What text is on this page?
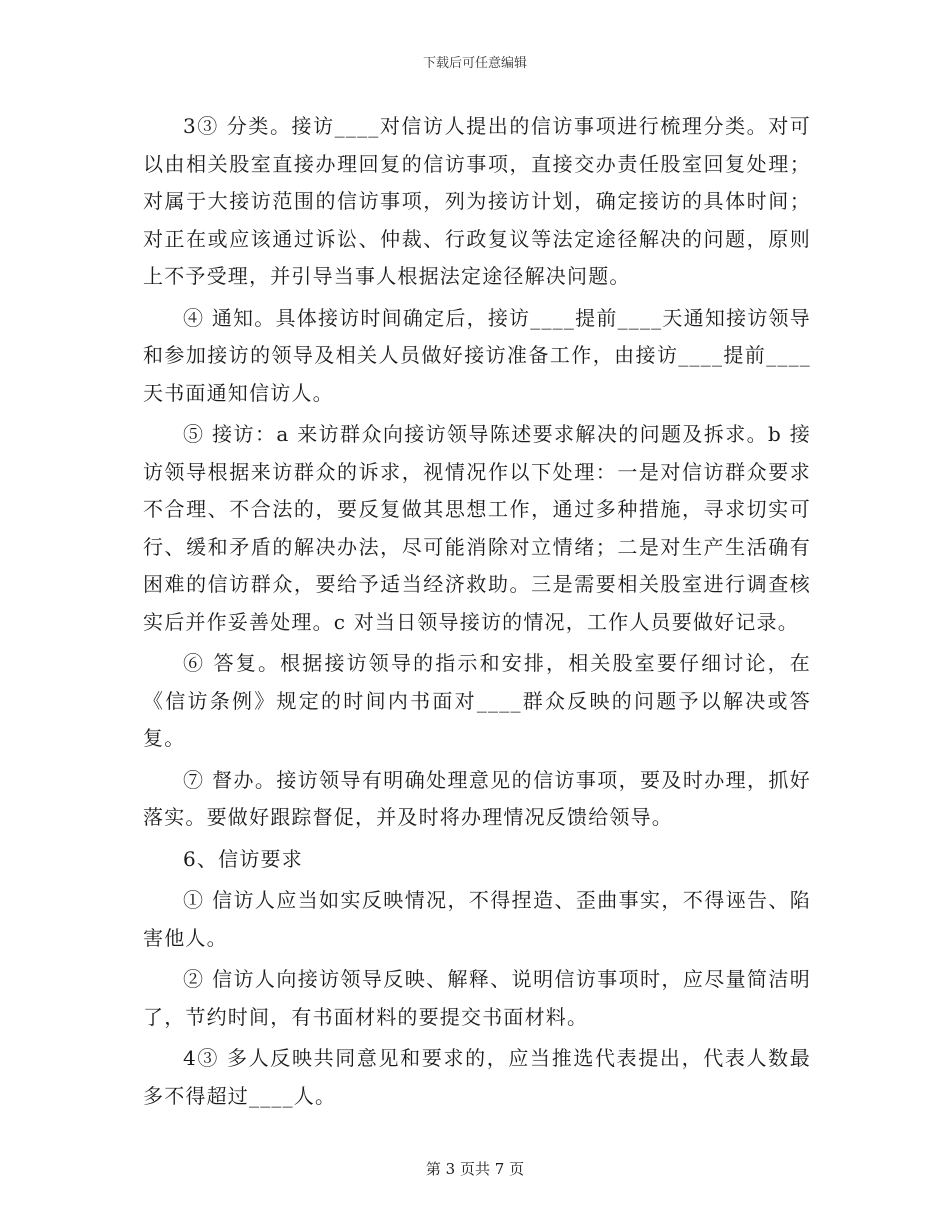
下载后可任意编辑

3③ 分类。接访____对信访人提出的信访事项进行梳理分类。对可以由相关股室直接办理回复的信访事项，直接交办责任股室回复处理；对属于大接访范围的信访事项，列为接访计划，确定接访的具体时间；对正在或应该通过诉讼、仲裁、行政复议等法定途径解决的问题，原则上不予受理，并引导当事人根据法定途径解决问题。

④ 通知。具体接访时间确定后，接访____提前____天通知接访领导和参加接访的领导及相关人员做好接访准备工作，由接访____提前____天书面通知信访人。

⑤ 接访：a 来访群众向接访领导陈述要求解决的问题及拆求。b 接访领导根据来访群众的诉求，视情况作以下处理：一是对信访群众要求不合理、不合法的，要反复做其思想工作，通过多种措施，寻求切实可行、缓和矛盾的解决办法，尽可能消除对立情绪；二是对生产生活确有困难的信访群众，要给予适当经济救助。三是需要相关股室进行调查核实后并作妥善处理。c 对当日领导接访的情况，工作人员要做好记录。

⑥ 答复。根据接访领导的指示和安排，相关股室要仔细讨论，在《信访条例》规定的时间内书面对____群众反映的问题予以解决或答复。

⑦ 督办。接访领导有明确处理意见的信访事项，要及时办理，抓好落实。要做好跟踪督促，并及时将办理情况反馈给领导。

6、信访要求

① 信访人应当如实反映情况，不得捏造、歪曲事实，不得诬告、陷害他人。

② 信访人向接访领导反映、解释、说明信访事项时，应尽量简洁明了，节约时间，有书面材料的要提交书面材料。

4③ 多人反映共同意见和要求的，应当推选代表提出，代表人数最多不得超过____人。

第 3 页共 7 页
